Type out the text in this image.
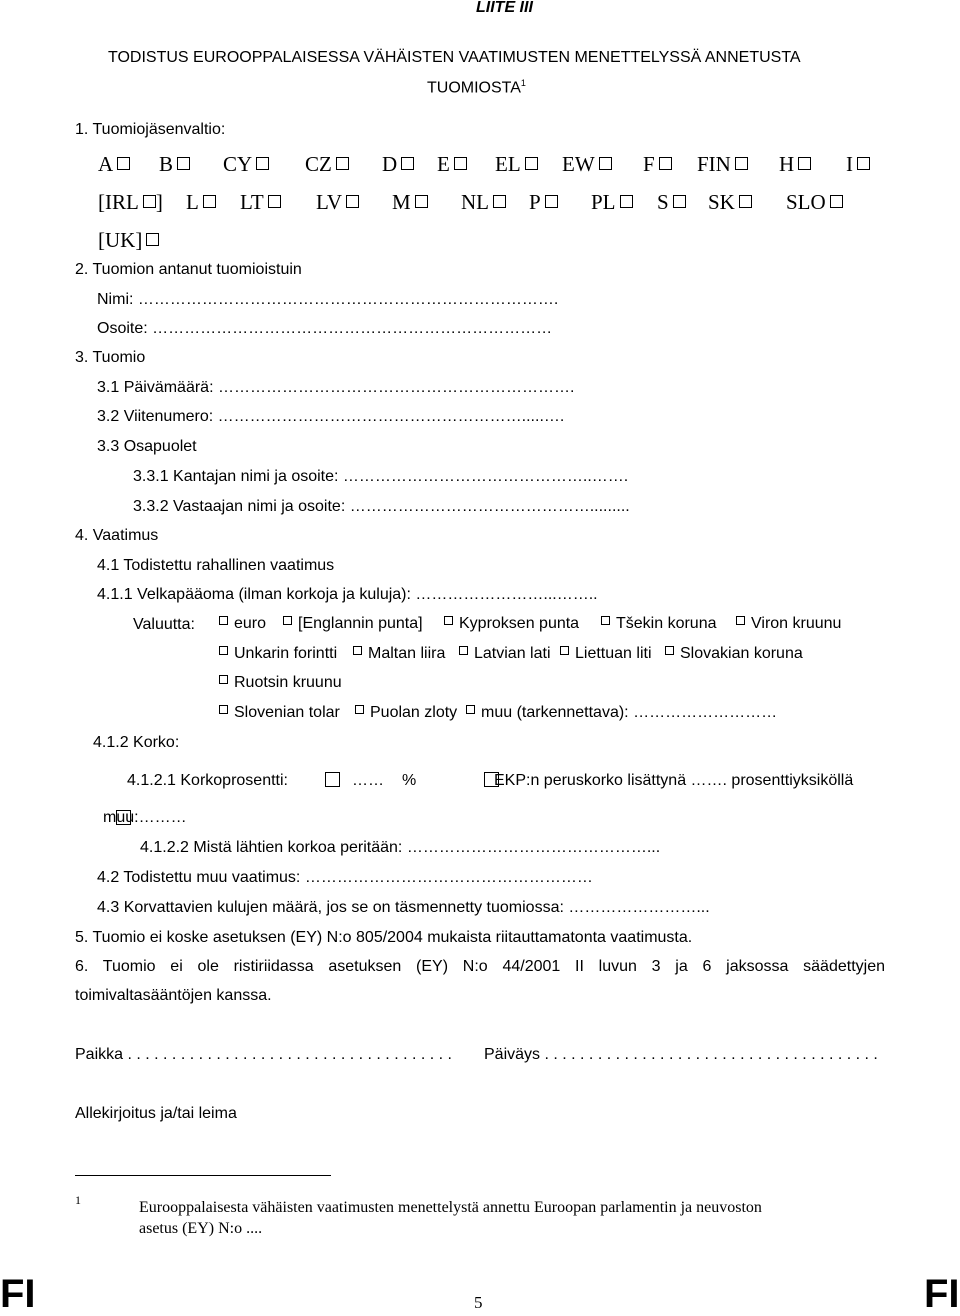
LIITE III
TODISTUS EUROOPPALAISESSA VÄHÄISTEN VAATIMUSTEN MENETTELYSSÄ ANNETUSTA
TUOMIOSTA$^1$
1. Tuomiojäsenvaltio:
A	B	CY	CZ	D	E	EL	EW	F	FIN	H	I
[IRL ] L	LT	LV	M	NL	P	PL	S	SK	SLO
[UK]
2. Tuomion antanut tuomioistuin
Nimi: …………………………………………………………………….
Osoite: …………………………………………………………………
3. Tuomio
3.1 Päivämäärä: ………………………………………………………….
3.2 Viitenumero: ………………………………………………….....….
3.3 Osapuolet
3.3.1 Kantajan nimi ja osoite: ………………………………………..…….
3.3.2 Vastaajan nimi ja osoite: ……………………………………….........
4. Vaatimus
4.1 Todistettu rahallinen vaatimus
4.1.1 Velkapääoma (ilman korkoja ja kuluja): ……………………...……..
Valuutta:	euro	[Englannin punta]	Kyproksen punta	Tšekin koruna	Viron kruunu
Unkarin forintti	Maltan liira	Latvian lati	Liettuan liti	Slovakian koruna
Ruotsin kruunu
Slovenian tolar	Puolan zloty	muu (tarkennettava): ………………………
4.1.2 Korko:
4.1.2.1 Korkoprosentti:
	…… %
	EKP:n peruskorko lisättynä ……. prosenttiyksiköllä
muu:………
4.1.2.2 Mistä lähtien korkoa peritään: ………………………………………...
4.2 Todistettu muu vaatimus: ………………………………………………
4.3 Korvattavien kulujen määrä, jos se on täsmennetty tuomiossa: ……………………...
5. Tuomio ei koske asetuksen (EY) N:o 805/2004 mukaista riitauttamatonta vaatimusta.
6. Tuomio ei ole ristiriidassa asetuksen (EY) N:o 44/2001 II luvun 3 ja 6 jaksossa säädettyjen
toimivaltasääntöjen kanssa.
Paikka . . . . . . . . . . . . . . . . . . . . . . . . . . . . . . . . . . . . . Päiväys . . . . . . . . . . . . . . . . . . . . . . . . . . . . . . . . . . . . . .
Allekirjoitus ja/tai leima
1	Eurooppalaisesta vähäisten vaatimusten menettelystä annettu Euroopan parlamentin ja neuvoston
asetus (EY) N:o ....
FI	5	FI
